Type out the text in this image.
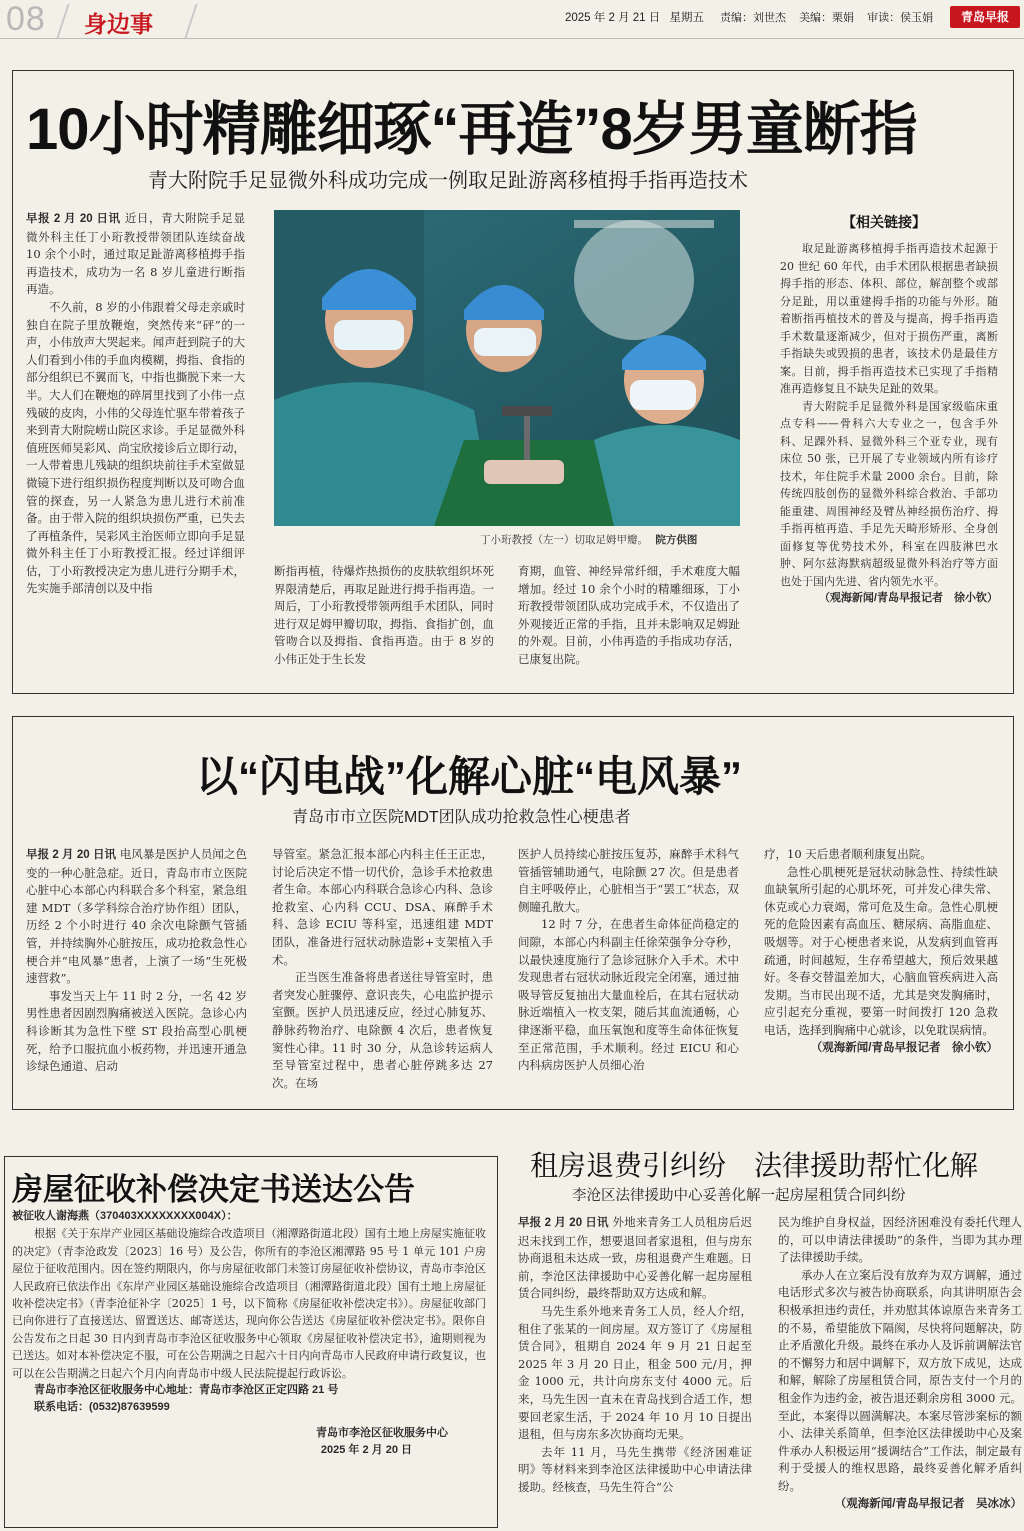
08 身边事	2025 年 2 月 21 日 星期五 责编：刘世杰 美编：栗娟 审读：侯玉娟	青岛早报
10小时精雕细琢“再造”8岁男童断指
青大附院手足显微外科成功完成一例取足趾游离移植拇手指再造技术

早报 2 月 20 日讯 近日，青大附院手足显微外科主任丁小珩教授带领团队连续奋战 10 余个小时，通过取足趾游离移植拇手指再造技术，成功为一名 8 岁儿童进行断指再造。

不久前，8 岁的小伟跟着父母走亲戚时独自在院子里放鞭炮，突然传来“砰”的一声，小伟放声大哭起来。闻声赶到院子的大人们看到小伟的手血肉模糊，拇指、食指的部分组织已不翼而飞，中指也撕脱下来一大半。大人们在鞭炮的碎屑里找到了小伟一点残破的皮肉，小伟的父母连忙驱车带着孩子来到青大附院崂山院区求诊。手足显微外科值班医师吴彩风、尚宝欣接诊后立即行动，一人带着患儿残缺的组织块前往手术室做显微镜下进行组织损伤程度判断以及可吻合血管的探查，另一人紧急为患儿进行术前准备。由于带入院的组织块损伤严重，已失去了再植条件，吴彩风主治医师立即向手足显微外科主任丁小珩教授汇报。经过详细评估，丁小珩教授决定为患儿进行分期手术，先实施手部清创以及中指

丁小珩教授（左一）切取足姆甲瓣。 院方供图

断指再植，待爆炸热损伤的皮肤软组织坏死界限清楚后，再取足趾进行拇手指再造。一周后，丁小珩教授带领两组手术团队，同时进行双足姆甲瓣切取，拇指、食指扩创，血管吻合以及拇指、食指再造。由于 8 岁的小伟正处于生长发

育期，血管、神经异常纤细，手术难度大幅增加。经过 10 余个小时的精雕细琢，丁小珩教授带领团队成功完成手术，不仅造出了外观接近正常的手指，且并未影响双足姆趾的外观。目前，小伟再造的手指成功存活，已康复出院。

【相关链接】

取足趾游离移植拇手指再造技术起源于 20 世纪 60 年代，由手术团队根据患者缺损拇手指的形态、体积、部位，解剖整个或部分足趾，用以重建拇手指的功能与外形。随着断指再植技术的普及与提高，拇手指再造手术数量逐渐减少，但对于损伤严重，离断手指缺失或毁损的患者，该技术仍是最佳方案。目前，拇手指再造技术已实现了手指精准再造修复且不缺失足趾的效果。

青大附院手足显微外科是国家级临床重点专科——骨科六大专业之一，包含手外科、足踝外科、显微外科三个亚专业，现有床位 50 张，已开展了专业领域内所有诊疗技术，年住院手术量 2000 余台。目前，除传统四肢创伤的显微外科综合救治、手部功能重建、周围神经及臂丛神经损伤治疗、拇手指再植再造、手足先天畸形矫形、全身创面修复等优势技术外，科室在四肢淋巴水肿、阿尔兹海默病超级显微外科治疗等方面也处于国内先进、省内领先水平。

（观海新闻/青岛早报记者　徐小钦）

以“闪电战”化解心脏“电风暴”
青岛市市立医院MDT团队成功抢救急性心梗患者

早报 2 月 20 日讯 电风暴是医护人员闻之色变的一种心脏急症。近日，青岛市市立医院心脏中心本部心内科联合多个科室，紧急组建 MDT（多学科综合治疗协作组）团队，历经 2 个小时进行 40 余次电除颤气管插管，并持续胸外心脏按压，成功抢救急性心梗合并“电风暴”患者，上演了一场“生死极速营救”。

事发当天上午 11 时 2 分，一名 42 岁男性患者因剧烈胸痛被送入医院。急诊心内科诊断其为急性下壁 ST 段抬高型心肌梗死，给予口服抗血小板药物，并迅速开通急诊绿色通道、启动

导管室。紧急汇报本部心内科主任王正忠，讨论后决定不惜一切代价，急诊手术抢救患者生命。本部心内科联合急诊心内科、急诊抢救室、心内科 CCU、DSA、麻醉手术科、急诊 ECIU 等科室，迅速组建 MDT 团队，准备进行冠状动脉造影+支架植入手术。

正当医生准备将患者送往导管室时，患者突发心脏骤停、意识丧失，心电监护提示室颤。医护人员迅速反应，经过心肺复苏、静脉药物治疗、电除颤 4 次后，患者恢复窦性心律。11 时 30 分，从急诊转运病人至导管室过程中，患者心脏停跳多达 27 次。在场

医护人员持续心脏按压复苏，麻醉手术科气管插管辅助通气，电除颤 27 次。但是患者自主呼吸停止，心脏相当于“罢工”状态，双侧瞳孔散大。

12 时 7 分，在患者生命体征尚稳定的间隙，本部心内科副主任徐荣强争分夺秒，以最快速度施行了急诊冠脉介入手术。术中发现患者右冠状动脉近段完全闭塞，通过抽吸导管反复抽出大量血栓后，在其右冠状动脉近端植入一枚支架，随后其血流通畅，心律逐渐平稳，血压氧饱和度等生命体征恢复至正常范围，手术顺利。经过 EICU 和心内科病房医护人员细心治

疗，10 天后患者顺利康复出院。

急性心肌梗死是冠状动脉急性、持续性缺血缺氧所引起的心肌坏死，可并发心律失常、休克或心力衰竭，常可危及生命。急性心肌梗死的危险因素有高血压、糖尿病、高脂血症、吸烟等。对于心梗患者来说，从发病到血管再疏通，时间越短，生存希望越大，预后效果越好。冬春交替温差加大，心脑血管疾病进入高发期。当市民出现不适，尤其是突发胸痛时，应引起充分重视，要第一时间拨打 120 急救电话，选择到胸痛中心就诊，以免耽误病情。

（观海新闻/青岛早报记者　徐小钦）

房屋征收补偿决定书送达公告

被征收人谢海燕（370403XXXXXXXX004X）：

根据《关于东岸产业园区基础设施综合改造项目（湘潭路街道北段）国有土地上房屋实施征收的决定》（青李沧政发〔2023〕16 号）及公告，你所有的李沧区湘潭路 95 号 1 单元 101 户房屋位于征收范围内。因在签约期限内，你与房屋征收部门未签订房屋征收补偿协议，青岛市李沧区人民政府已依法作出《东岸产业园区基础设施综合改造项目（湘潭路街道北段）国有土地上房屋征收补偿决定书》（青李沧征补字〔2025〕1 号，以下简称《房屋征收补偿决定书》）。房屋征收部门已向你进行了直接送达、留置送达、邮寄送达，现向你公告送达《房屋征收补偿决定书》。限你自公告发布之日起 30 日内到青岛市李沧区征收服务中心领取《房屋征收补偿决定书》，逾期则视为已送达。如对本补偿决定不服，可在公告期满之日起六十日内向青岛市人民政府申请行政复议，也可以在公告期满之日起六个月内向青岛市中级人民法院提起行政诉讼。

青岛市李沧区征收服务中心地址：青岛市李沧区正定四路 21 号

联系电话：(0532)87639599

青岛市李沧区征收服务中心

2025 年 2 月 20 日

租房退费引纠纷　法律援助帮忙化解
李沧区法律援助中心妥善化解一起房屋租赁合同纠纷

早报 2 月 20 日讯 外地来青务工人员租房后迟迟未找到工作，想要退回者家退租，但与房东协商退租未达成一致，房租退费产生难题。日前，李沧区法律援助中心妥善化解一起房屋租赁合同纠纷，最终帮助双方达成和解。

马先生系外地来青务工人员，经人介绍，租住了张某的一间房屋。双方签订了《房屋租赁合同》，租期自 2024 年 9 月 21 日起至 2025 年 3 月 20 日止，租金 500 元/月，押金 1000 元，共计向房东支付 4000 元。后来，马先生因一直未在青岛找到合适工作，想要回老家生活，于 2024 年 10 月 10 日提出退租，但与房东多次协商均无果。

去年 11 月，马先生携带《经济困难证明》等材料来到李沧区法律援助中心申请法律援助。经核查，马先生符合“公

民为维护自身权益，因经济困难没有委托代理人的，可以申请法律援助”的条件，当即为其办理了法律援助手续。

承办人在立案后没有放弃为双方调解，通过电话形式多次与被告协商联系，向其讲明原告会积极承担违约责任，并劝慰其体谅原告来青务工的不易，希望能放下隔阂，尽快将问题解决，防止矛盾激化升级。最终在承办人及诉前调解法官的不懈努力和居中调解下，双方放下成见，达成和解，解除了房屋租赁合同，原告支付一个月的租金作为违约金，被告退还剩余房租 3000 元。至此，本案得以圆满解决。本案尽管涉案标的额小、法律关系简单，但李沧区法律援助中心及案件承办人积极运用“援调结合”工作法，制定最有利于受援人的维权思路，最终妥善化解矛盾纠纷。

（观海新闻/青岛早报记者　吴冰冰）
